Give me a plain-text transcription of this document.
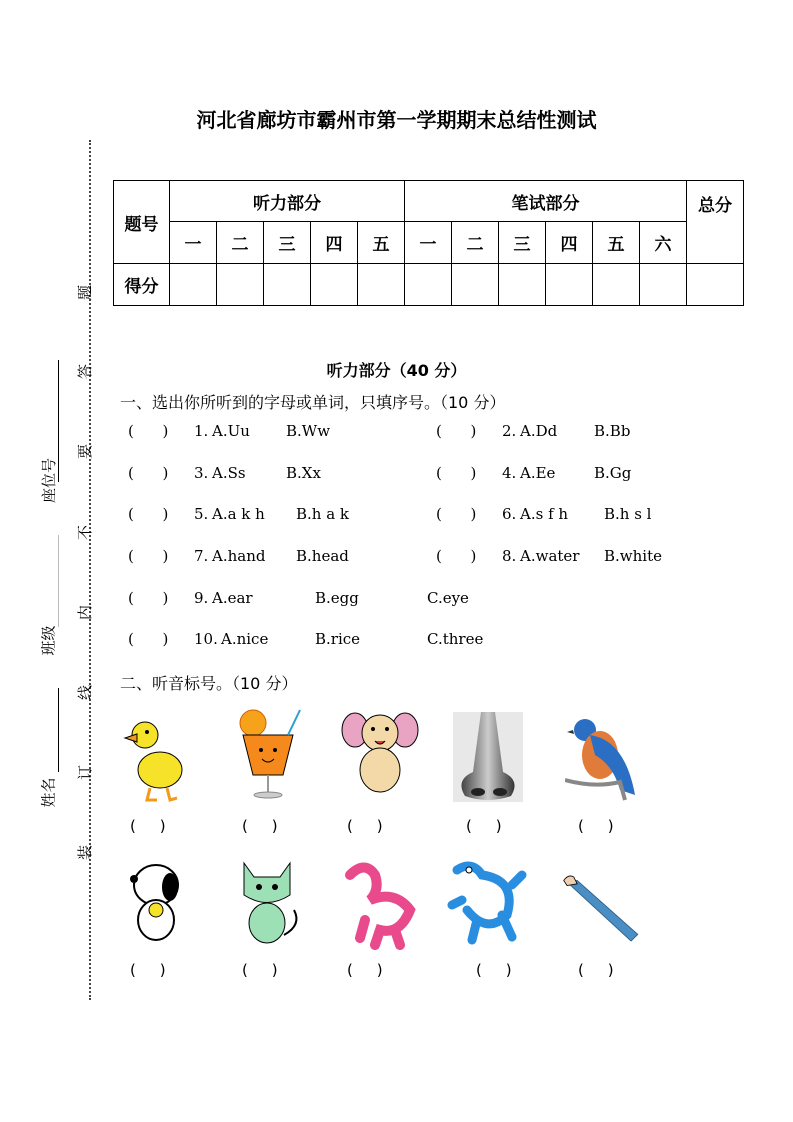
河北省廊坊市霸州市第一学期期末总结性测试
题号	听力部分					笔试部分						总分
	一	二	三	四	五	一	二	三	四	五	六	
得分												
题
答
要
不
内
线
订
装
座位号
班级
姓名
听力部分（40 分）
一、选出你所听到的字母或单词，只填序号。（10 分）
(      ) 1. A.Uu B.Ww	(      ) 2. A.Dd B.Bb
(      ) 3. A.Ss	B.Xx	(      ) 4. A.Ee	B.Gg
(      ) 5. A.a k h B.h a k	(      ) 6. A.s f h B.h s l
(      ) 7. A.hand B.head	(      ) 8. A.water B.white
(      ) 9. A.ear	B.egg	C.eye
(      ) 10. A.nice	B.rice	C.three
二、听音标号。（10 分）
(     )	(     )	(     )	(     )	(     )
(     )	(     )	(     )	(     )	(     )
